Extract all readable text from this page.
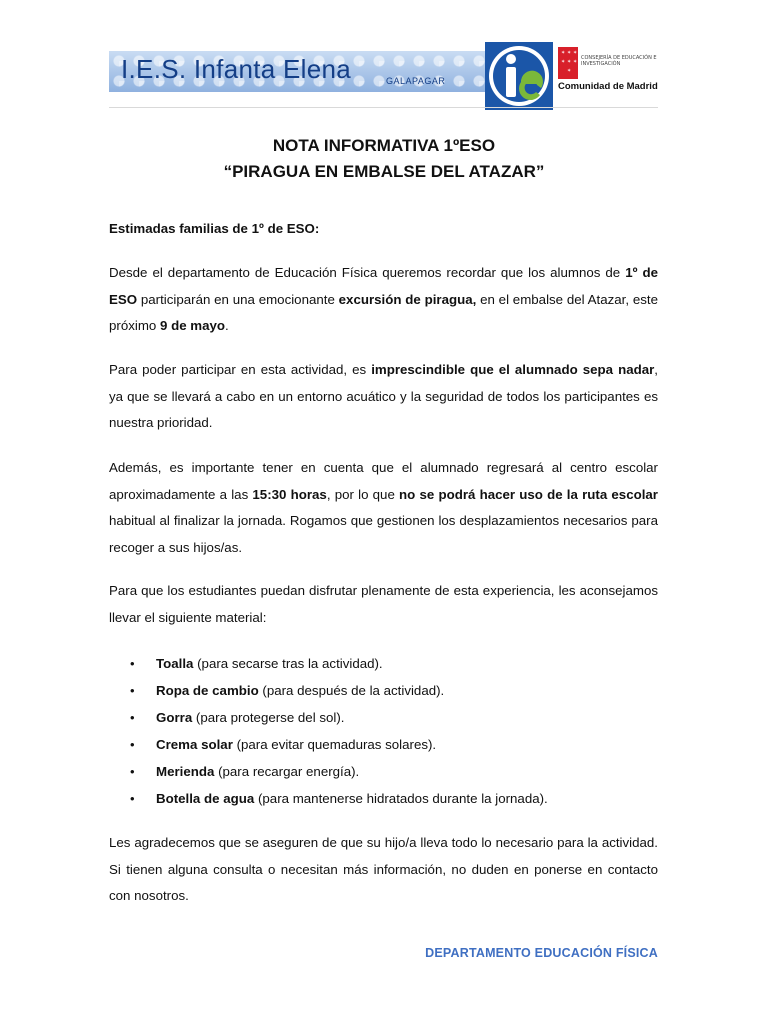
I.E.S. Infanta Elena	GALAPAGAR
✶ ✶ ✶
✶ ✶ ✶
✶
CONSEJERÍA DE EDUCACIÓN E INVESTIGACIÓN
Comunidad de Madrid
NOTA INFORMATIVA 1ºESO
“PIRAGUA EN EMBALSE DEL ATAZAR”
Estimadas familias de 1º de ESO:
Desde el departamento de Educación Física queremos recordar que los alumnos de 1º de ESO participarán en una emocionante excursión de piragua, en el embalse del Atazar, este próximo 9 de mayo.
Para poder participar en esta actividad, es imprescindible que el alumnado sepa nadar, ya que se llevará a cabo en un entorno acuático y la seguridad de todos los participantes es nuestra prioridad.
Además, es importante tener en cuenta que el alumnado regresará al centro escolar aproximadamente a las 15:30 horas, por lo que no se podrá hacer uso de la ruta escolar habitual al finalizar la jornada. Rogamos que gestionen los desplazamientos necesarios para recoger a sus hijos/as.
Para que los estudiantes puedan disfrutar plenamente de esta experiencia, les aconsejamos llevar el siguiente material:
• Toalla (para secarse tras la actividad).
• Ropa de cambio (para después de la actividad).
• Gorra (para protegerse del sol).
• Crema solar (para evitar quemaduras solares).
• Merienda (para recargar energía).
• Botella de agua (para mantenerse hidratados durante la jornada).
Les agradecemos que se aseguren de que su hijo/a lleva todo lo necesario para la actividad. Si tienen alguna consulta o necesitan más información, no duden en ponerse en contacto con nosotros.
DEPARTAMENTO EDUCACIÓN FÍSICA
